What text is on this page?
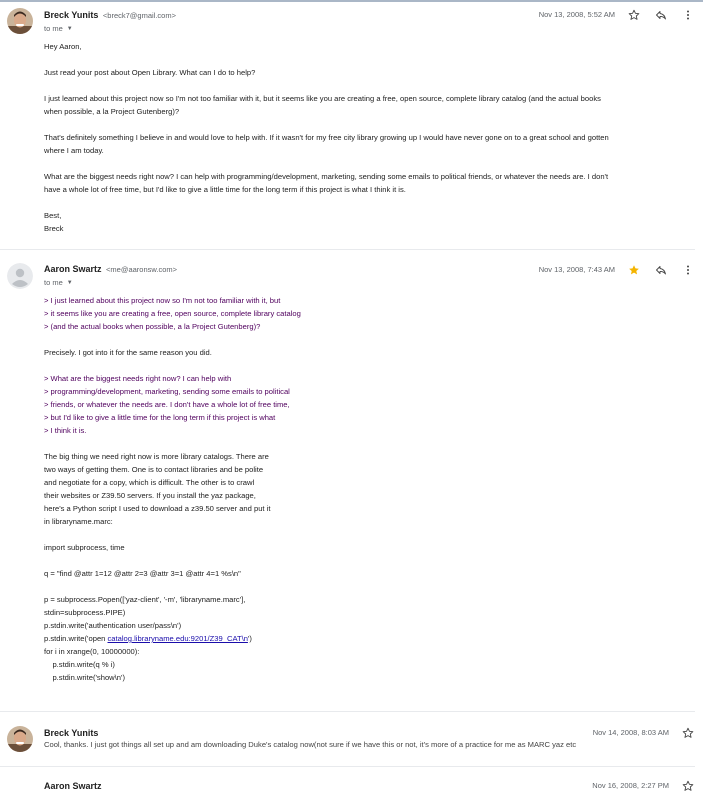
Breck Yunits <breck7@gmail.com>
to me ▼
Nov 13, 2008, 5:52 AM

Hey Aaron,

Just read your post about Open Library. What can I do to help?

I just learned about this project now so I'm not too familiar with it, but it seems like you are creating a free, open source, complete library catalog (and the actual books

when possible, a la Project Gutenberg)?

That's definitely something I believe in and would love to help with. If it wasn't for my free city library growing up I would have never gone on to a great school and gotten

where I am today.

What are the biggest needs right now? I can help with programming/development, marketing, sending some emails to political friends, or whatever the needs are. I don't

have a whole lot of free time, but I'd like to give a little time for the long term if this project is what I think it is.

Best,

Breck

Aaron Swartz <me@aaronsw.com>
to me ▼
Nov 13, 2008, 7:43 AM

> I just learned about this project now so I'm not too familiar with it, but

> it seems like you are creating a free, open source, complete library catalog

> (and the actual books when possible, a la Project Gutenberg)?

Precisely. I got into it for the same reason you did.

> What are the biggest needs right now? I can help with

> programming/development, marketing, sending some emails to political

> friends, or whatever the needs are. I don't have a whole lot of free time,

> but I'd like to give a little time for the long term if this project is what

> I think it is.

The big thing we need right now is more library catalogs. There are

two ways of getting them. One is to contact libraries and be polite

and negotiate for a copy, which is difficult. The other is to crawl

their websites or Z39.50 servers. If you install the yaz package,

here's a Python script I used to download a z39.50 server and put it

in libraryname.marc:

import subprocess, time

q = "find @attr 1=12 @attr 2=3 @attr 3=1 @attr 4=1 %s\n"

p = subprocess.Popen(['yaz-client', '-m', 'libraryname.marc'],

stdin=subprocess.PIPE)

p.stdin.write('authentication user/pass\n')

p.stdin.write('open catalog.libraryname.edu:9201/Z39_CAT\n')

for i in xrange(0, 10000000):

p.stdin.write(q % i)

p.stdin.write('show\n')

Breck Yunits	Nov 14, 2008, 8:03 AM
Cool, thanks. I just got things all set up and am downloading Duke's catalog now(not sure if we have this or not, it's more of a practice for me as MARC yaz etc
Aaron Swartz	Nov 16, 2008, 2:27 PM
